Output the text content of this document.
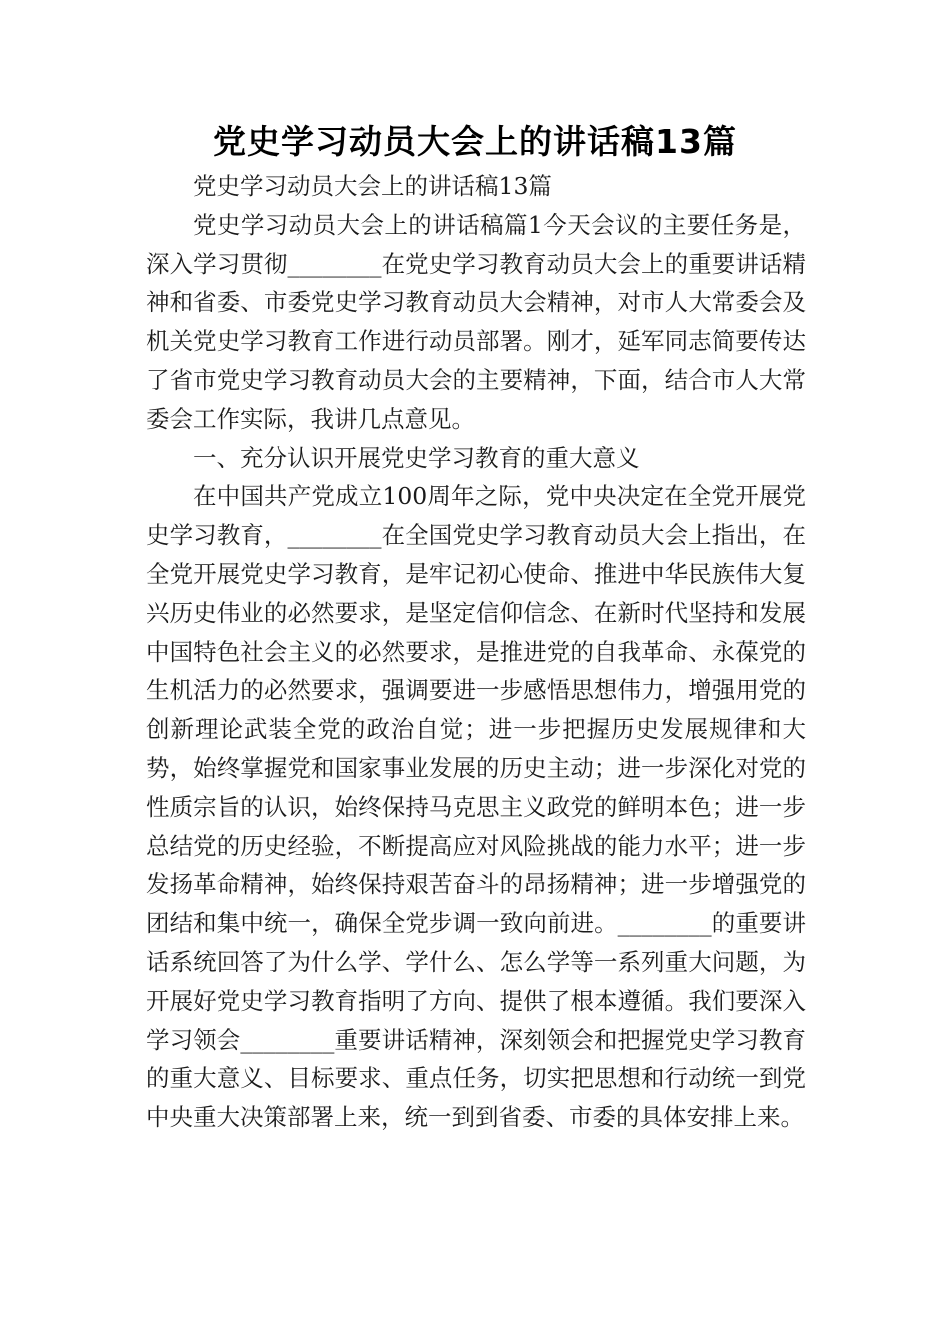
党史学习动员大会上的讲话稿13篇

党史学习动员大会上的讲话稿13篇

党史学习动员大会上的讲话稿篇1今天会议的主要任务是，深入学习贯彻________在党史学习教育动员大会上的重要讲话精神和省委、市委党史学习教育动员大会精神，对市人大常委会及机关党史学习教育工作进行动员部署。刚才，延军同志简要传达了省市党史学习教育动员大会的主要精神，下面，结合市人大常委会工作实际，我讲几点意见。

一、充分认识开展党史学习教育的重大意义

在中国共产党成立100周年之际，党中央决定在全党开展党史学习教育，________在全国党史学习教育动员大会上指出，在全党开展党史学习教育，是牢记初心使命、推进中华民族伟大复兴历史伟业的必然要求，是坚定信仰信念、在新时代坚持和发展中国特色社会主义的必然要求，是推进党的自我革命、永葆党的生机活力的必然要求，强调要进一步感悟思想伟力，增强用党的创新理论武装全党的政治自觉；进一步把握历史发展规律和大势，始终掌握党和国家事业发展的历史主动；进一步深化对党的性质宗旨的认识，始终保持马克思主义政党的鲜明本色；进一步总结党的历史经验，不断提高应对风险挑战的能力水平；进一步发扬革命精神，始终保持艰苦奋斗的昂扬精神；进一步增强党的团结和集中统一，确保全党步调一致向前进。________的重要讲话系统回答了为什么学、学什么、怎么学等一系列重大问题，为开展好党史学习教育指明了方向、提供了根本遵循。我们要深入学习领会________重要讲话精神，深刻领会和把握党史学习教育的重大意义、目标要求、重点任务，切实把思想和行动统一到党中央重大决策部署上来，统一到到省委、市委的具体安排上来。
